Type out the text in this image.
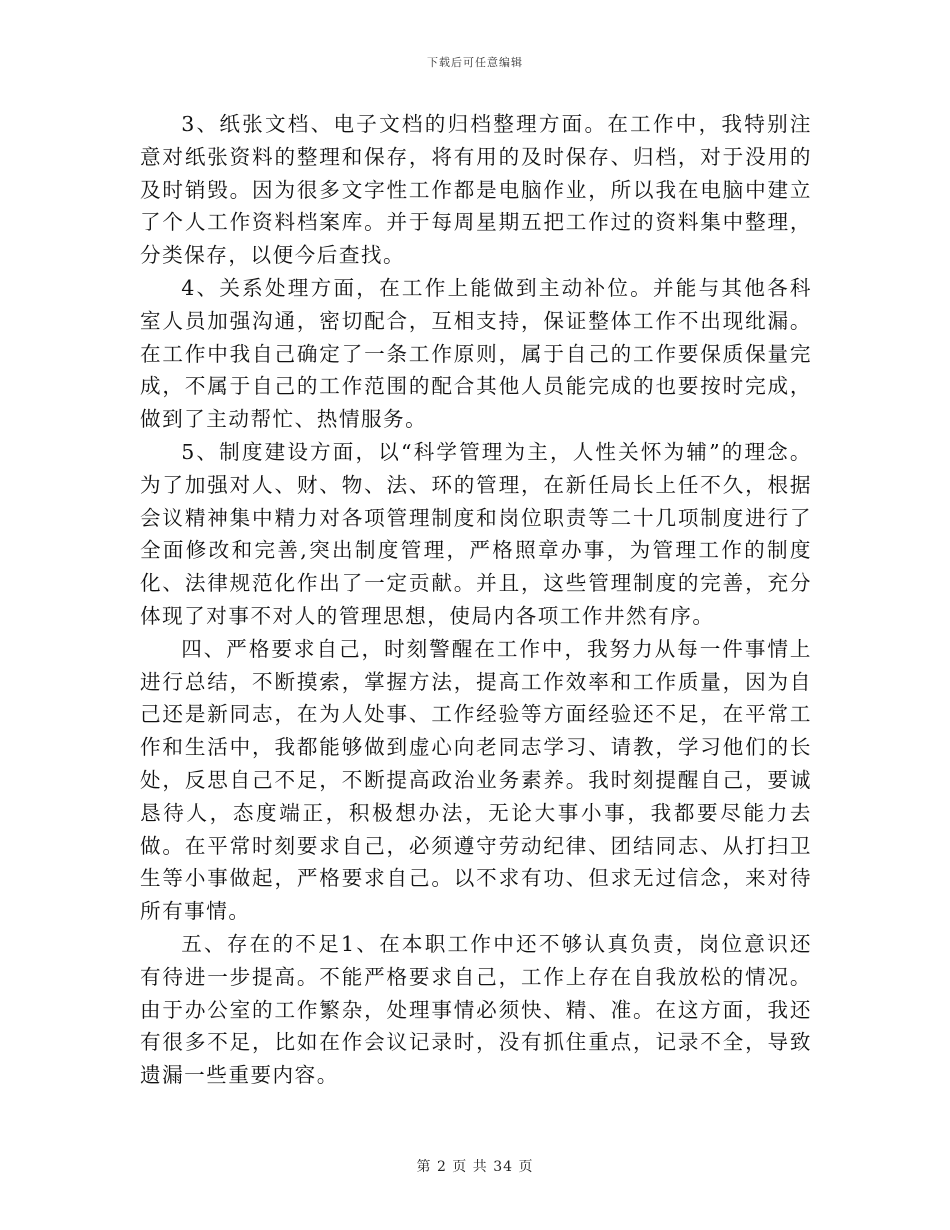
下载后可任意编辑

3、纸张文档、电子文档的归档整理方面。在工作中，我特别注意对纸张资料的整理和保存，将有用的及时保存、归档，对于没用的及时销毁。因为很多文字性工作都是电脑作业，所以我在电脑中建立了个人工作资料档案库。并于每周星期五把工作过的资料集中整理，分类保存，以便今后查找。

4、关系处理方面，在工作上能做到主动补位。并能与其他各科室人员加强沟通，密切配合，互相支持，保证整体工作不出现纰漏。在工作中我自己确定了一条工作原则，属于自己的工作要保质保量完成，不属于自己的工作范围的配合其他人员能完成的也要按时完成，做到了主动帮忙、热情服务。

5、制度建设方面，以“科学管理为主，人性关怀为辅”的理念。为了加强对人、财、物、法、环的管理，在新任局长上任不久，根据会议精神集中精力对各项管理制度和岗位职责等二十几项制度进行了全面修改和完善,突出制度管理，严格照章办事，为管理工作的制度化、法律规范化作出了一定贡献。并且，这些管理制度的完善，充分体现了对事不对人的管理思想，使局内各项工作井然有序。

四、严格要求自己，时刻警醒在工作中，我努力从每一件事情上进行总结，不断摸索，掌握方法，提高工作效率和工作质量，因为自己还是新同志，在为人处事、工作经验等方面经验还不足，在平常工作和生活中，我都能够做到虚心向老同志学习、请教，学习他们的长处，反思自己不足，不断提高政治业务素养。我时刻提醒自己，要诚恳待人，态度端正，积极想办法，无论大事小事，我都要尽能力去做。在平常时刻要求自己，必须遵守劳动纪律、团结同志、从打扫卫生等小事做起，严格要求自己。以不求有功、但求无过信念，来对待所有事情。

五、存在的不足1、在本职工作中还不够认真负责，岗位意识还有待进一步提高。不能严格要求自己，工作上存在自我放松的情况。由于办公室的工作繁杂，处理事情必须快、精、准。在这方面，我还有很多不足，比如在作会议记录时，没有抓住重点，记录不全，导致遗漏一些重要内容。

第 2 页 共 34 页
